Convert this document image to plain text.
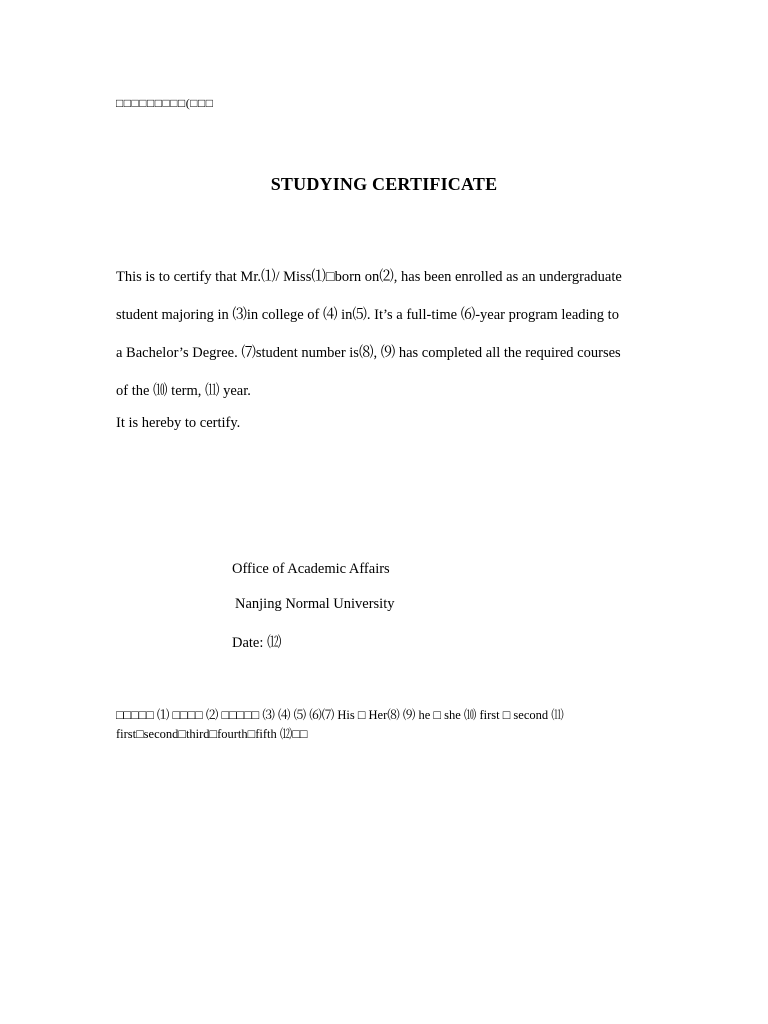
□□□□□□□□□(□□□
STUDYING CERTIFICATE
This is to certify that Mr.⑴/ Miss⑴□born on⑵, has been enrolled as an undergraduate
student majoring in ⑶in college of ⑷ in⑸. It’s a full-time ⑹-year program leading to
a Bachelor’s Degree. ⑺student number is⑻, ⑼ has completed all the required courses
of the ⑽ term, ⑾ year.
It is hereby to certify.
Office of Academic Affairs
Nanjing Normal University
Date: ⑿
□□□□□ ⑴ □□□□ ⑵ □□□□□ ⑶ ⑷ ⑸ ⑹⑺ His □ Her⑻ ⑼ he □ she ⑽ first □ second ⑾
first□second□third□fourth□fifth ⑿□□
